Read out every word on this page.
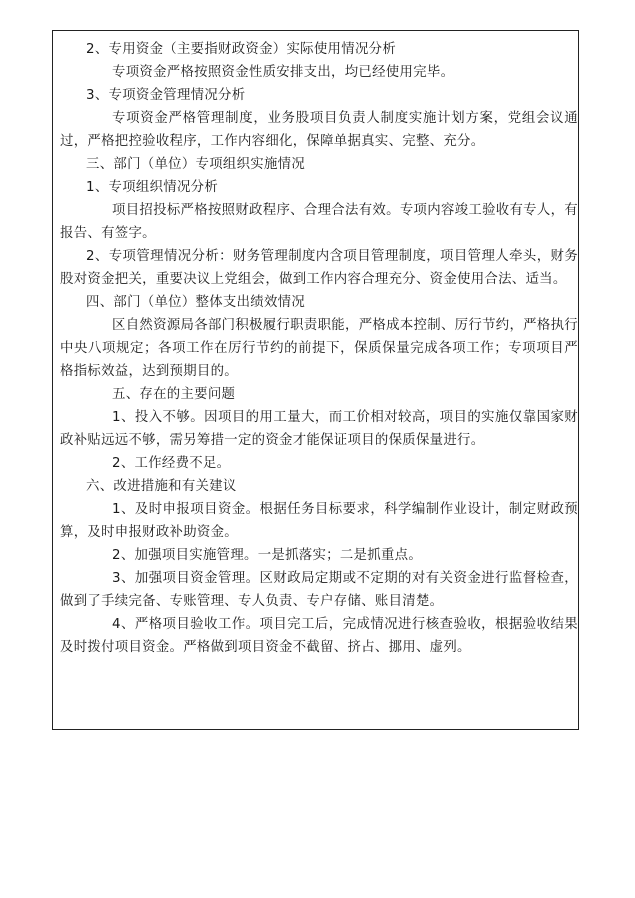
2、专用资金（主要指财政资金）实际使用情况分析

专项资金严格按照资金性质安排支出，均已经使用完毕。

3、专项资金管理情况分析

专项资金严格管理制度，业务股项目负责人制度实施计划方案，党组会议通过，严格把控验收程序，工作内容细化，保障单据真实、完整、充分。

三、部门（单位）专项组织实施情况

1、专项组织情况分析

项目招投标严格按照财政程序、合理合法有效。专项内容竣工验收有专人，有报告、有签字。

2、专项管理情况分析：财务管理制度内含项目管理制度，项目管理人牵头，财务股对资金把关，重要决议上党组会，做到工作内容合理充分、资金使用合法、适当。

四、部门（单位）整体支出绩效情况

区自然资源局各部门积极履行职责职能，严格成本控制、厉行节约，严格执行中央八项规定；各项工作在厉行节约的前提下，保质保量完成各项工作；专项项目严格指标效益，达到预期目的。

五、存在的主要问题

1、投入不够。因项目的用工量大，而工价相对较高，项目的实施仅靠国家财政补贴远远不够，需另筹措一定的资金才能保证项目的保质保量进行。

2、工作经费不足。

六、改进措施和有关建议

1、及时申报项目资金。根据任务目标要求，科学编制作业设计，制定财政预算，及时申报财政补助资金。

2、加强项目实施管理。一是抓落实；二是抓重点。

3、加强项目资金管理。区财政局定期或不定期的对有关资金进行监督检查，做到了手续完备、专账管理、专人负责、专户存储、账目清楚。

4、严格项目验收工作。项目完工后，完成情况进行核查验收，根据验收结果及时拨付项目资金。严格做到项目资金不截留、挤占、挪用、虚列。
